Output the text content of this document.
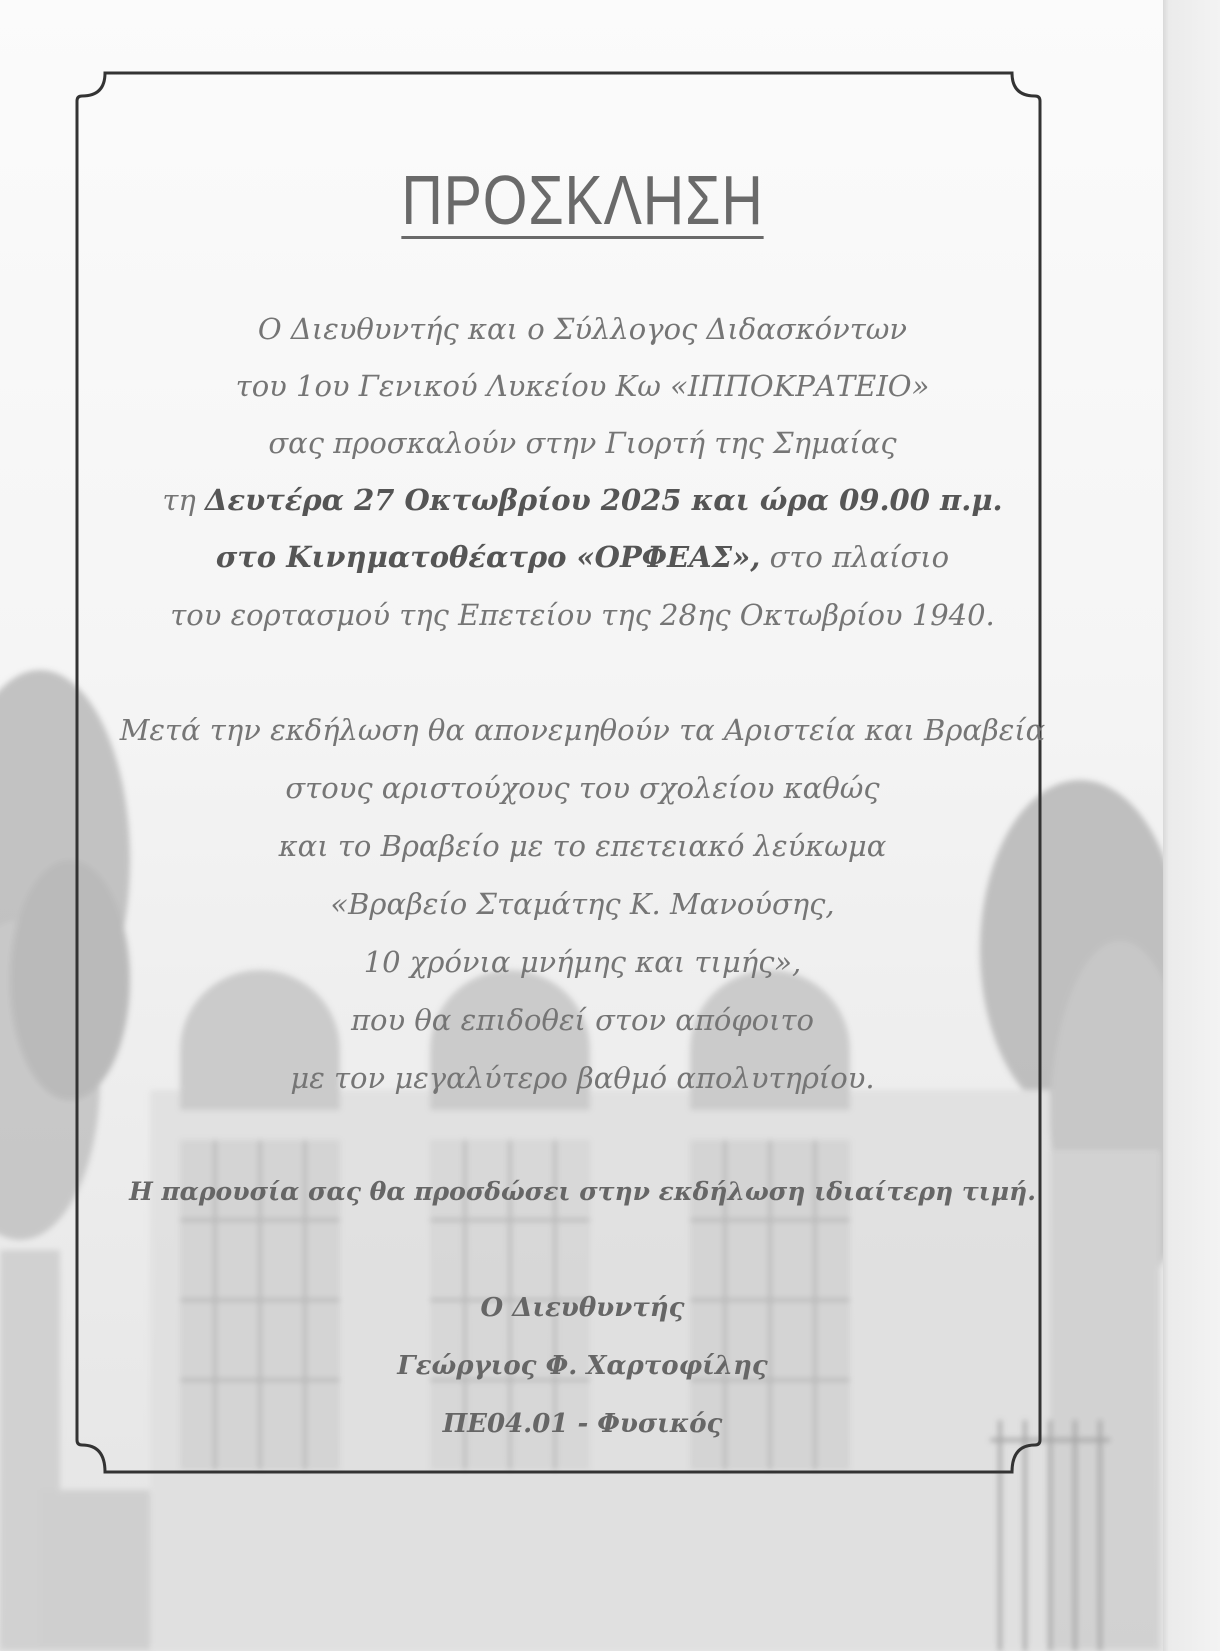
ΠΡΟΣΚΛΗΣΗ
Ο Διευθυντής και ο Σύλλογος Διδασκόντων
του 1ου Γενικού Λυκείου Κω «ΙΠΠΟΚΡΑΤΕΙΟ»
σας προσκαλούν στην Γιορτή της Σημαίας
τη Δευτέρα 27 Οκτωβρίου 2025 και ώρα 09.00 π.μ.
στο Κινηματοθέατρο «ΟΡΦΕΑΣ», στο πλαίσιο
του εορτασμού της Επετείου της 28ης Οκτωβρίου 1940.
Μετά την εκδήλωση θα απονεμηθούν τα Αριστεία και Βραβεία
στους αριστούχους του σχολείου καθώς
και το Βραβείο με το επετειακό λεύκωμα
«Βραβείο Σταμάτης Κ. Μανούσης,
10 χρόνια μνήμης και τιμής»,
που θα επιδοθεί στον απόφοιτο
με τον μεγαλύτερο βαθμό απολυτηρίου.
Η παρουσία σας θα προσδώσει στην εκδήλωση ιδιαίτερη τιμή.
Ο Διευθυντής
Γεώργιος Φ. Χαρτοφίλης
ΠΕ04.01 - Φυσικός
